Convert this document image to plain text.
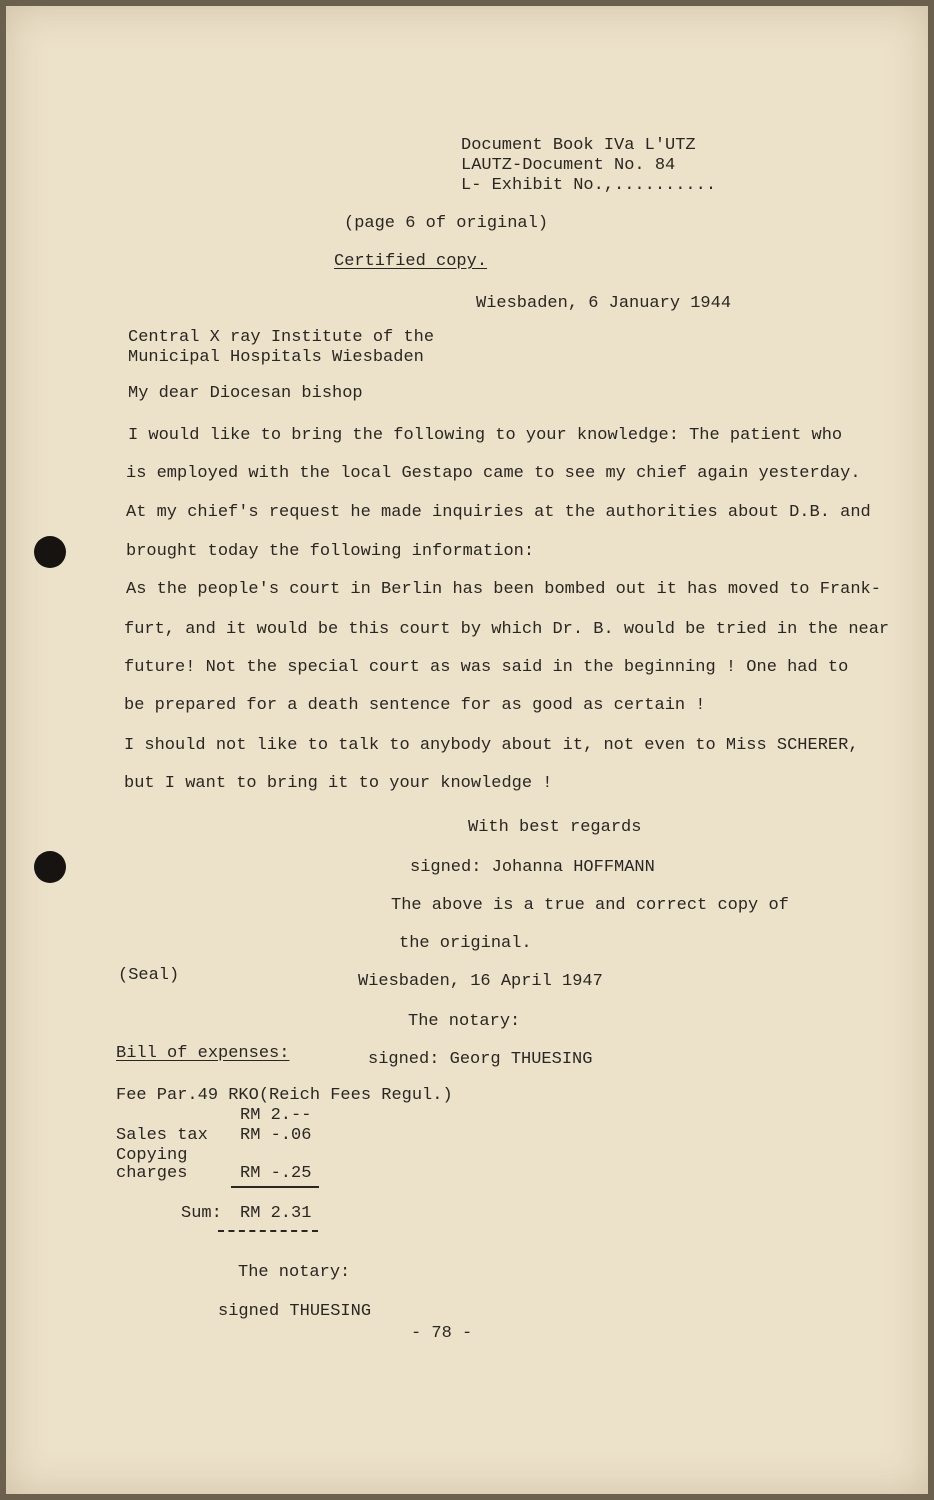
Document Book IVa L'UTZ
LAUTZ-Document No. 84
L- Exhibit No.,..........
(page 6 of original)
Certified copy.
Wiesbaden, 6 January 1944
Central X ray Institute of the
Municipal Hospitals Wiesbaden
My dear Diocesan bishop
I would like to bring the following to your knowledge: The patient who
is employed with the local Gestapo came to see my chief again yesterday.
At my chief's request he made inquiries at the authorities about D.B. and
brought today the following information:
As the people's court in Berlin has been bombed out it has moved to Frank-
furt, and it would be this court by which Dr. B. would be tried in the near
future! Not the special court as was said in the beginning ! One had to
be prepared for a death sentence for as good as certain !
I should not like to talk to anybody about it, not even to Miss SCHERER,
but I want to bring it to your knowledge !
With best regards
signed: Johanna HOFFMANN
The above is a true and correct copy of
the original.
(Seal)	Wiesbaden, 16 April 1947
The notary:
Bill of expenses:	signed: Georg THUESING
Fee Par.49 RKO(Reich Fees Regul.)
RM 2.--
Sales tax RM -.06
Copying
charges	RM -.25
Sum: RM 2.31
The notary:
signed THUESING
- 78 -
